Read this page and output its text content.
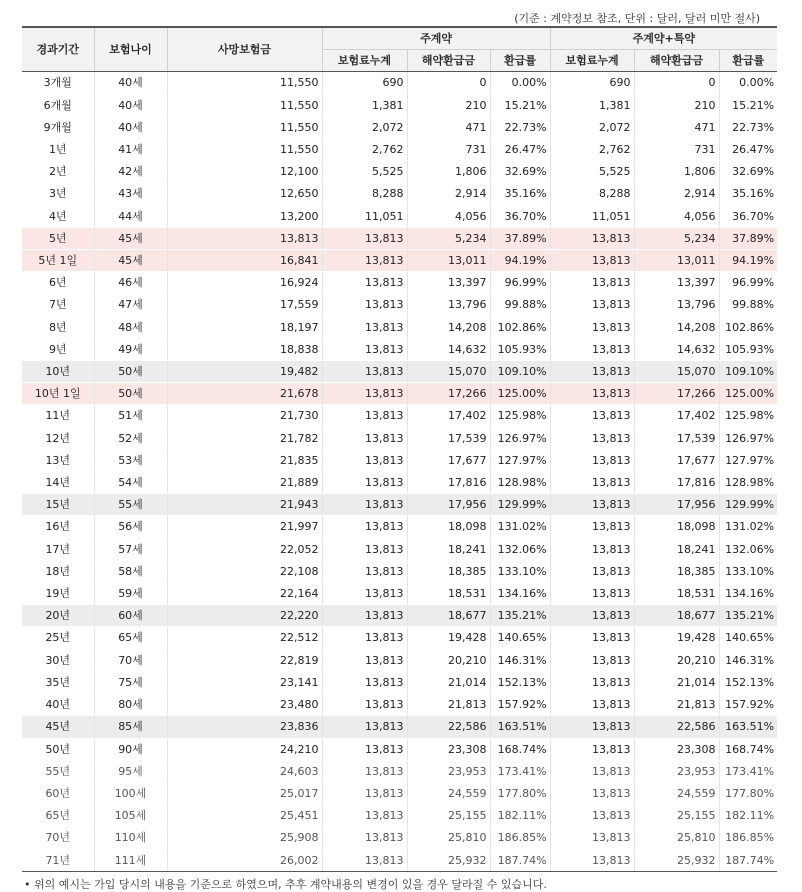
(기준 : 계약정보 참조, 단위 : 달러, 달러 미만 절사)
경과기간	보험나이	사망보험금	주계약			주계약+특약		
			보험료누계	해약환급금	환급률	보험료누계	해약환급금	환급률
3개월	40세	11,550	690	0	0.00%	690	0	0.00%
6개월	40세	11,550	1,381	210	15.21%	1,381	210	15.21%
9개월	40세	11,550	2,072	471	22.73%	2,072	471	22.73%
1년	41세	11,550	2,762	731	26.47%	2,762	731	26.47%
2년	42세	12,100	5,525	1,806	32.69%	5,525	1,806	32.69%
3년	43세	12,650	8,288	2,914	35.16%	8,288	2,914	35.16%
4년	44세	13,200	11,051	4,056	36.70%	11,051	4,056	36.70%
5년	45세	13,813	13,813	5,234	37.89%	13,813	5,234	37.89%
5년 1일	45세	16,841	13,813	13,011	94.19%	13,813	13,011	94.19%
6년	46세	16,924	13,813	13,397	96.99%	13,813	13,397	96.99%
7년	47세	17,559	13,813	13,796	99.88%	13,813	13,796	99.88%
8년	48세	18,197	13,813	14,208	102.86%	13,813	14,208	102.86%
9년	49세	18,838	13,813	14,632	105.93%	13,813	14,632	105.93%
10년	50세	19,482	13,813	15,070	109.10%	13,813	15,070	109.10%
10년 1일	50세	21,678	13,813	17,266	125.00%	13,813	17,266	125.00%
11년	51세	21,730	13,813	17,402	125.98%	13,813	17,402	125.98%
12년	52세	21,782	13,813	17,539	126.97%	13,813	17,539	126.97%
13년	53세	21,835	13,813	17,677	127.97%	13,813	17,677	127.97%
14년	54세	21,889	13,813	17,816	128.98%	13,813	17,816	128.98%
15년	55세	21,943	13,813	17,956	129.99%	13,813	17,956	129.99%
16년	56세	21,997	13,813	18,098	131.02%	13,813	18,098	131.02%
17년	57세	22,052	13,813	18,241	132.06%	13,813	18,241	132.06%
18년	58세	22,108	13,813	18,385	133.10%	13,813	18,385	133.10%
19년	59세	22,164	13,813	18,531	134.16%	13,813	18,531	134.16%
20년	60세	22,220	13,813	18,677	135.21%	13,813	18,677	135.21%
25년	65세	22,512	13,813	19,428	140.65%	13,813	19,428	140.65%
30년	70세	22,819	13,813	20,210	146.31%	13,813	20,210	146.31%
35년	75세	23,141	13,813	21,014	152.13%	13,813	21,014	152.13%
40년	80세	23,480	13,813	21,813	157.92%	13,813	21,813	157.92%
45년	85세	23,836	13,813	22,586	163.51%	13,813	22,586	163.51%
50년	90세	24,210	13,813	23,308	168.74%	13,813	23,308	168.74%
55년	95세	24,603	13,813	23,953	173.41%	13,813	23,953	173.41%
60년	100세	25,017	13,813	24,559	177.80%	13,813	24,559	177.80%
65년	105세	25,451	13,813	25,155	182.11%	13,813	25,155	182.11%
70년	110세	25,908	13,813	25,810	186.85%	13,813	25,810	186.85%
71년	111세	26,002	13,813	25,932	187.74%	13,813	25,932	187.74%
• 위의 예시는 가입 당시의 내용을 기준으로 하였으며, 추후 계약내용의 변경이 있을 경우 달라질 수 있습니다.
